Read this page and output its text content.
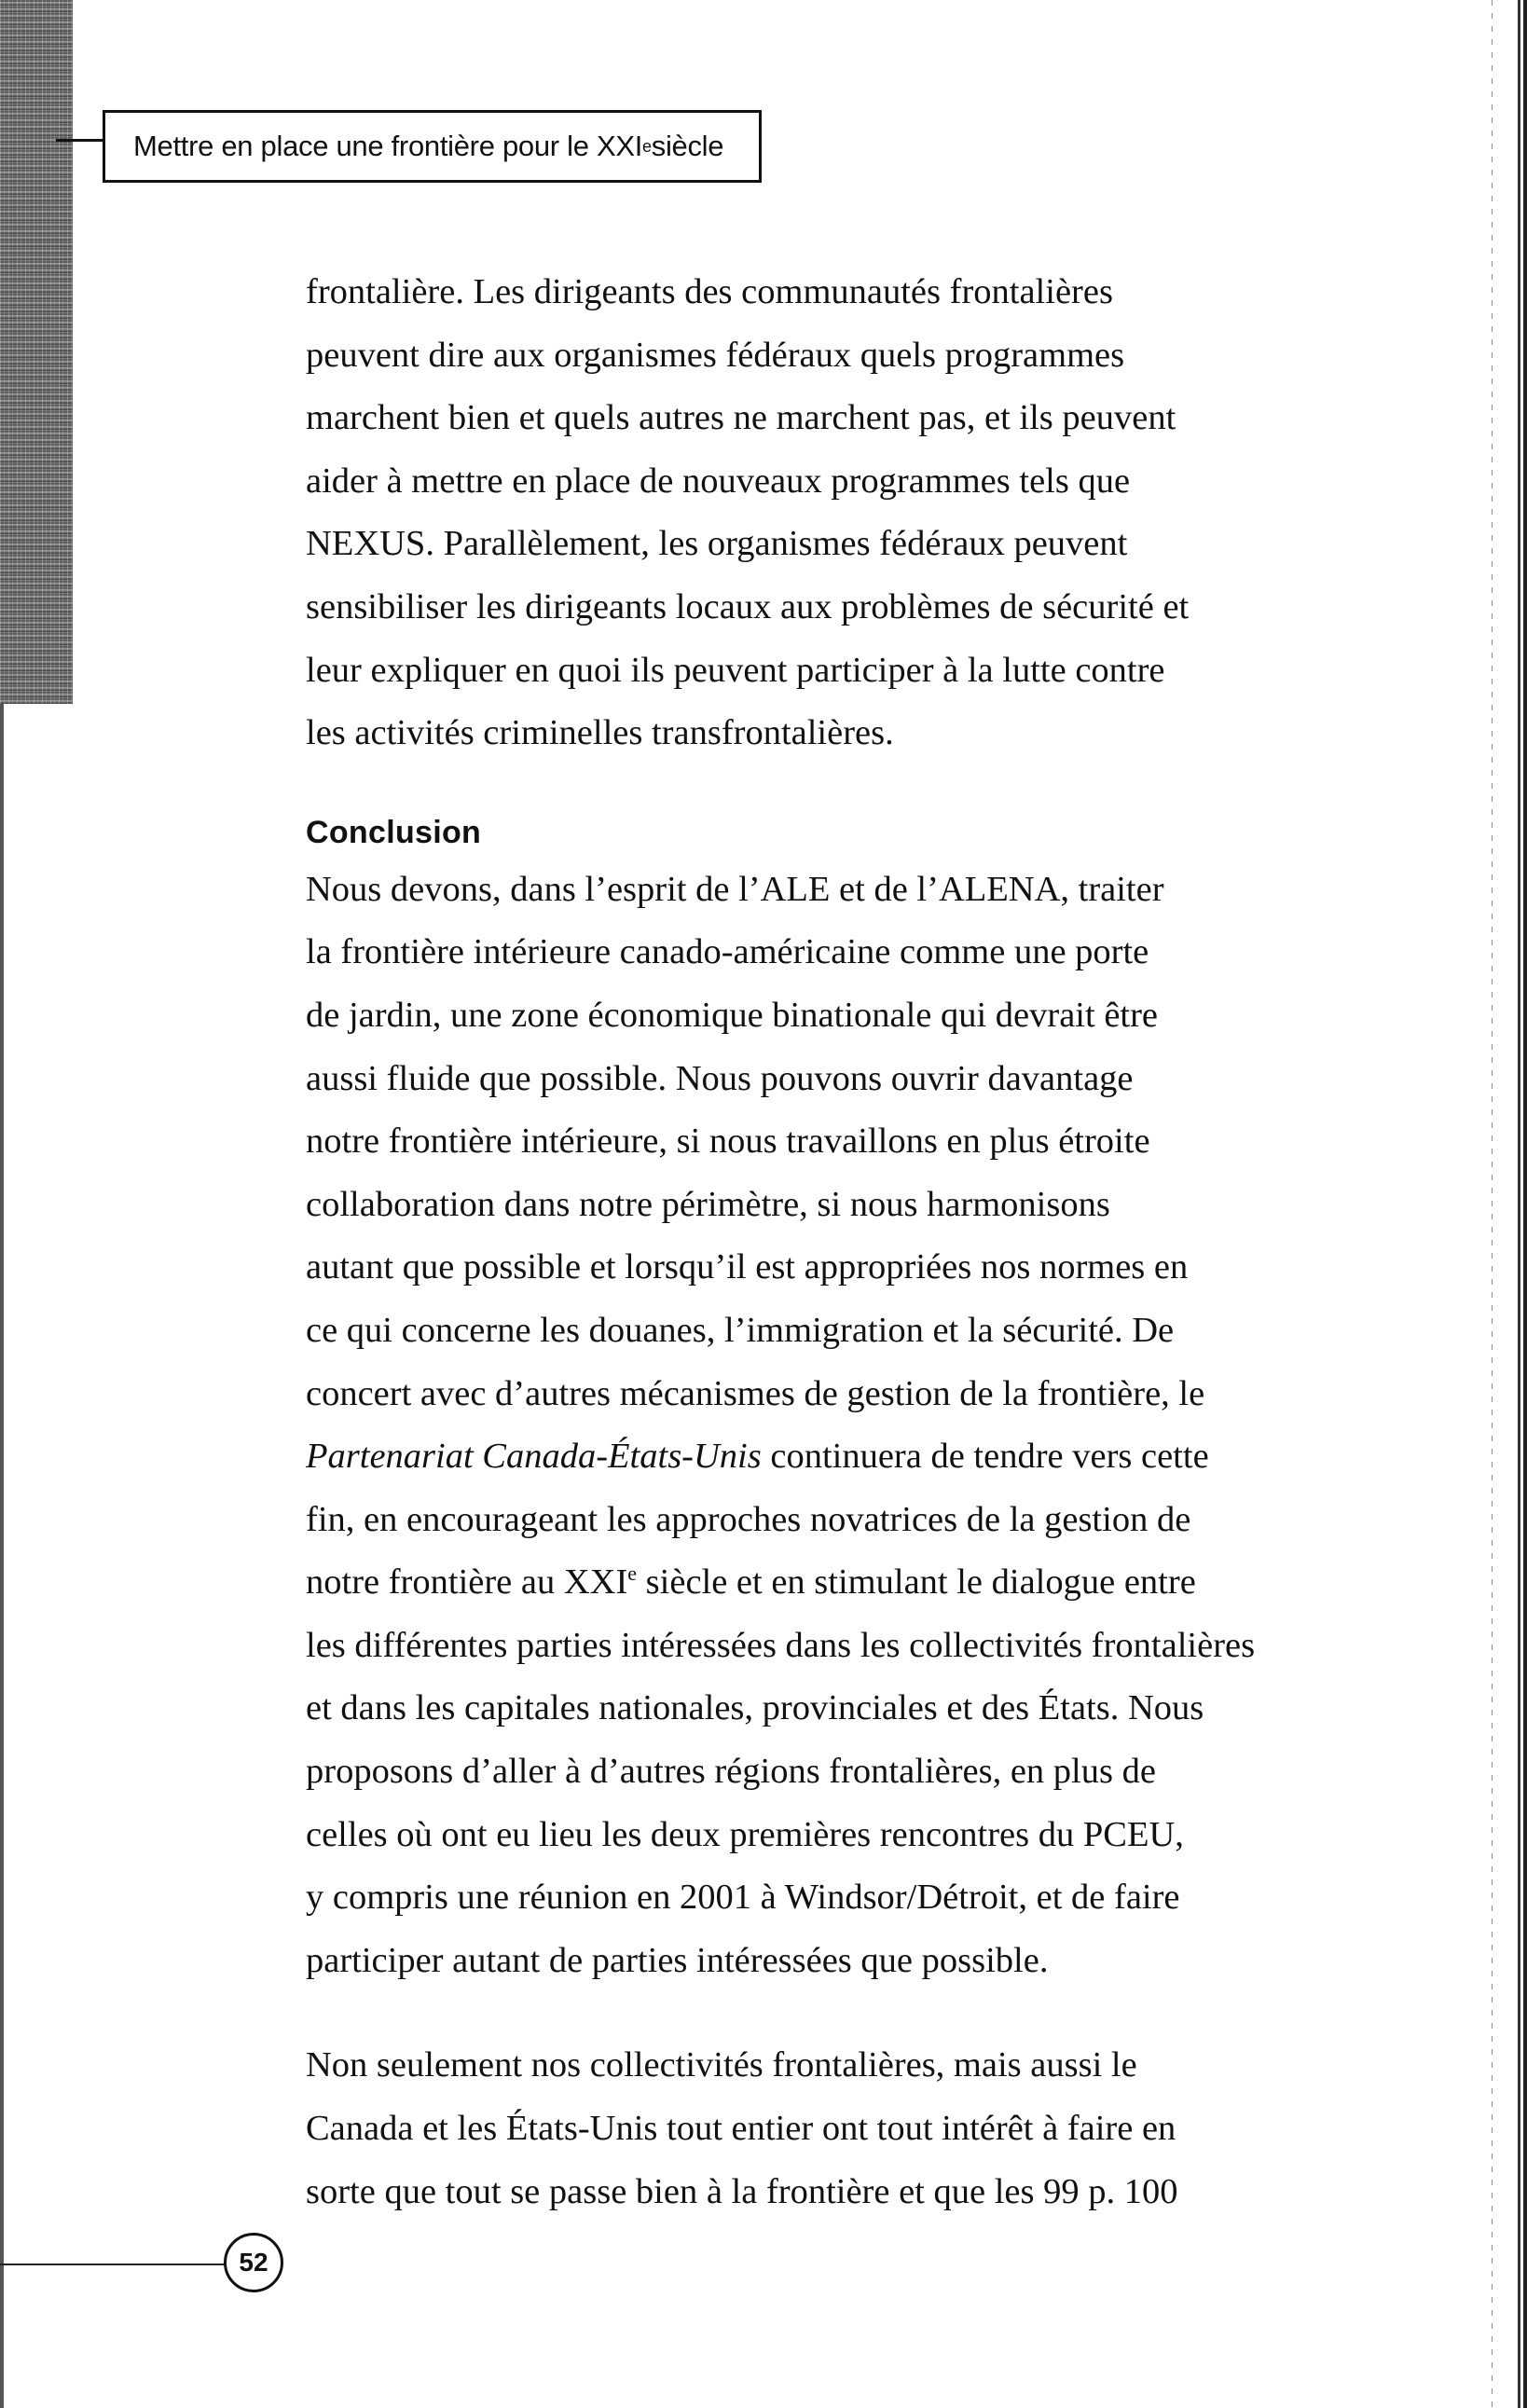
Mettre en place une frontière pour le XXI e siècle

frontalière. Les dirigeants des communautés frontalières
peuvent dire aux organismes fédéraux quels programmes
marchent bien et quels autres ne marchent pas, et ils peuvent
aider à mettre en place de nouveaux programmes tels que
NEXUS. Parallèlement, les organismes fédéraux peuvent
sensibiliser les dirigeants locaux aux problèmes de sécurité et
leur expliquer en quoi ils peuvent participer à la lutte contre
les activités criminelles transfrontalières.

Conclusion

Nous devons, dans l’esprit de l’ALE et de l’ALENA, traiter
la frontière intérieure canado-américaine comme une porte
de jardin, une zone économique binationale qui devrait être
aussi fluide que possible. Nous pouvons ouvrir davantage
notre frontière intérieure, si nous travaillons en plus étroite
collaboration dans notre périmètre, si nous harmonisons
autant que possible et lorsqu’il est appropriées nos normes en
ce qui concerne les douanes, l’immigration et la sécurité. De
concert avec d’autres mécanismes de gestion de la frontière, le
Partenariat Canada-États-Unis continuera de tendre vers cette
fin, en encourageant les approches novatrices de la gestion de
notre frontière au XXIe siècle et en stimulant le dialogue entre
les différentes parties intéressées dans les collectivités frontalières
et dans les capitales nationales, provinciales et des États. Nous
proposons d’aller à d’autres régions frontalières, en plus de
celles où ont eu lieu les deux premières rencontres du PCEU,
y compris une réunion en 2001 à Windsor/Détroit, et de faire
participer autant de parties intéressées que possible.

Non seulement nos collectivités frontalières, mais aussi le
Canada et les États-Unis tout entier ont tout intérêt à faire en
sorte que tout se passe bien à la frontière et que les 99 p. 100

52
